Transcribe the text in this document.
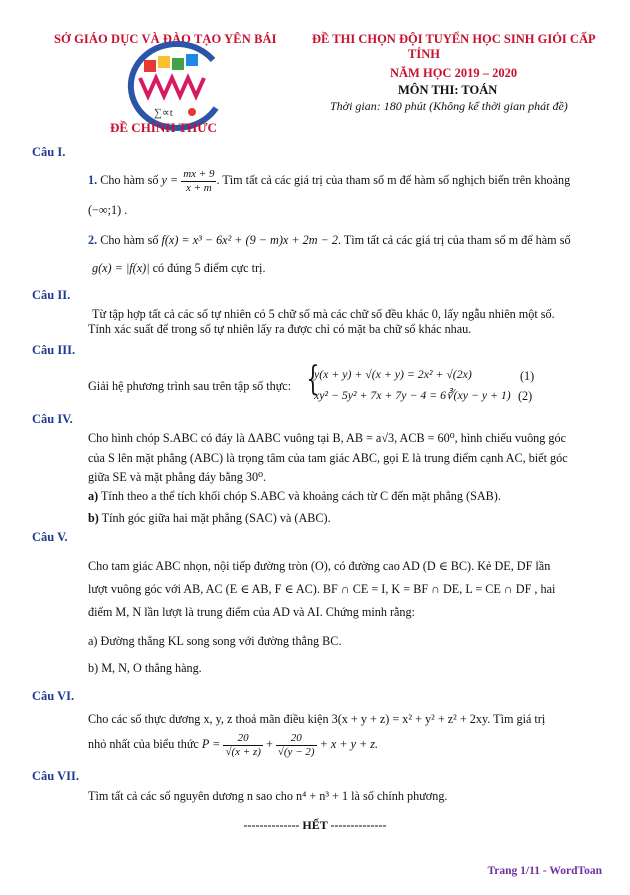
SỞ GIÁO DỤC VÀ ĐÀO TẠO YÊN BÁI
∑∝t
ĐỀ CHÍNH THỨC
ĐỀ THI CHỌN ĐỘI TUYỂN HỌC SINH GIỎI CẤP
TỈNH
NĂM HỌC 2019 – 2020
MÔN THI: TOÁN
Thời gian: 180 phút (Không kể thời gian phát đề)
Câu I.
1. Cho hàm số $y = \frac{mx + 9}{x + m}$ . Tìm tất cả các giá trị của tham số m để hàm số nghịch biến trên khoảng
(−∞;1) .
2. Cho hàm số f(x) = x³ − 6x² + (9 − m)x + 2m − 2. Tìm tất cả các giá trị của tham số m để hàm số
g(x) = |f(x)| có đúng 5 điểm cực trị.
Câu II.
Từ tập hợp tất cả các số tự nhiên có 5 chữ số mà các chữ số đều khác 0, lấy ngẫu nhiên một số.
Tính xác suất để trong số tự nhiên lấy ra được chỉ có mặt ba chữ số khác nhau.
Câu III.
Giải hệ phương trình sau trên tập số thực: {
y(x + y) + √(x + y) = 2x² + √(2x)
xy² − 5y² + 7x + 7y − 4 = 6∛(xy − y + 1)
(1)
(2)
Câu IV.
Cho hình chóp S.ABC có đáy là ΔABC vuông tại B, AB = a√3, ACB = 60⁰, hình chiếu vuông góc
của S lên mặt phẳng (ABC) là trọng tâm của tam giác ABC, gọi E là trung điểm cạnh AC, biết góc
giữa SE và mặt phẳng đáy bằng 30⁰.
a) Tính theo a thể tích khối chóp S.ABC và khoảng cách từ C đến mặt phẳng (SAB).
b) Tính góc giữa hai mặt phẳng (SAC) và (ABC).
Câu V.
Cho tam giác ABC nhọn, nội tiếp đường tròn (O), có đường cao AD (D ∈ BC). Kẻ DE, DF lần
lượt vuông góc với AB, AC (E ∈ AB, F ∈ AC). BF ∩ CE = I, K = BF ∩ DE, L = CE ∩ DF , hai
điểm M, N lần lượt là trung điểm của AD và AI. Chứng minh rằng:
a) Đường thẳng KL song song với đường thẳng BC.
b) M, N, O thẳng hàng.
Câu VI.
Cho các số thực dương x, y, z thoả mãn điều kiện 3(x + y + z) = x² + y² + z² + 2xy. Tìm giá trị
nhỏ nhất của biểu thức $P = \frac{20}{√(x + z)} + \frac{20}{√(y - 2)} + x + y + z$.
Câu VII.
Tìm tất cả các số nguyên dương n sao cho n⁴ + n³ + 1 là số chính phương.
-------------- HẾT --------------
Trang 1/11 - WordToan
